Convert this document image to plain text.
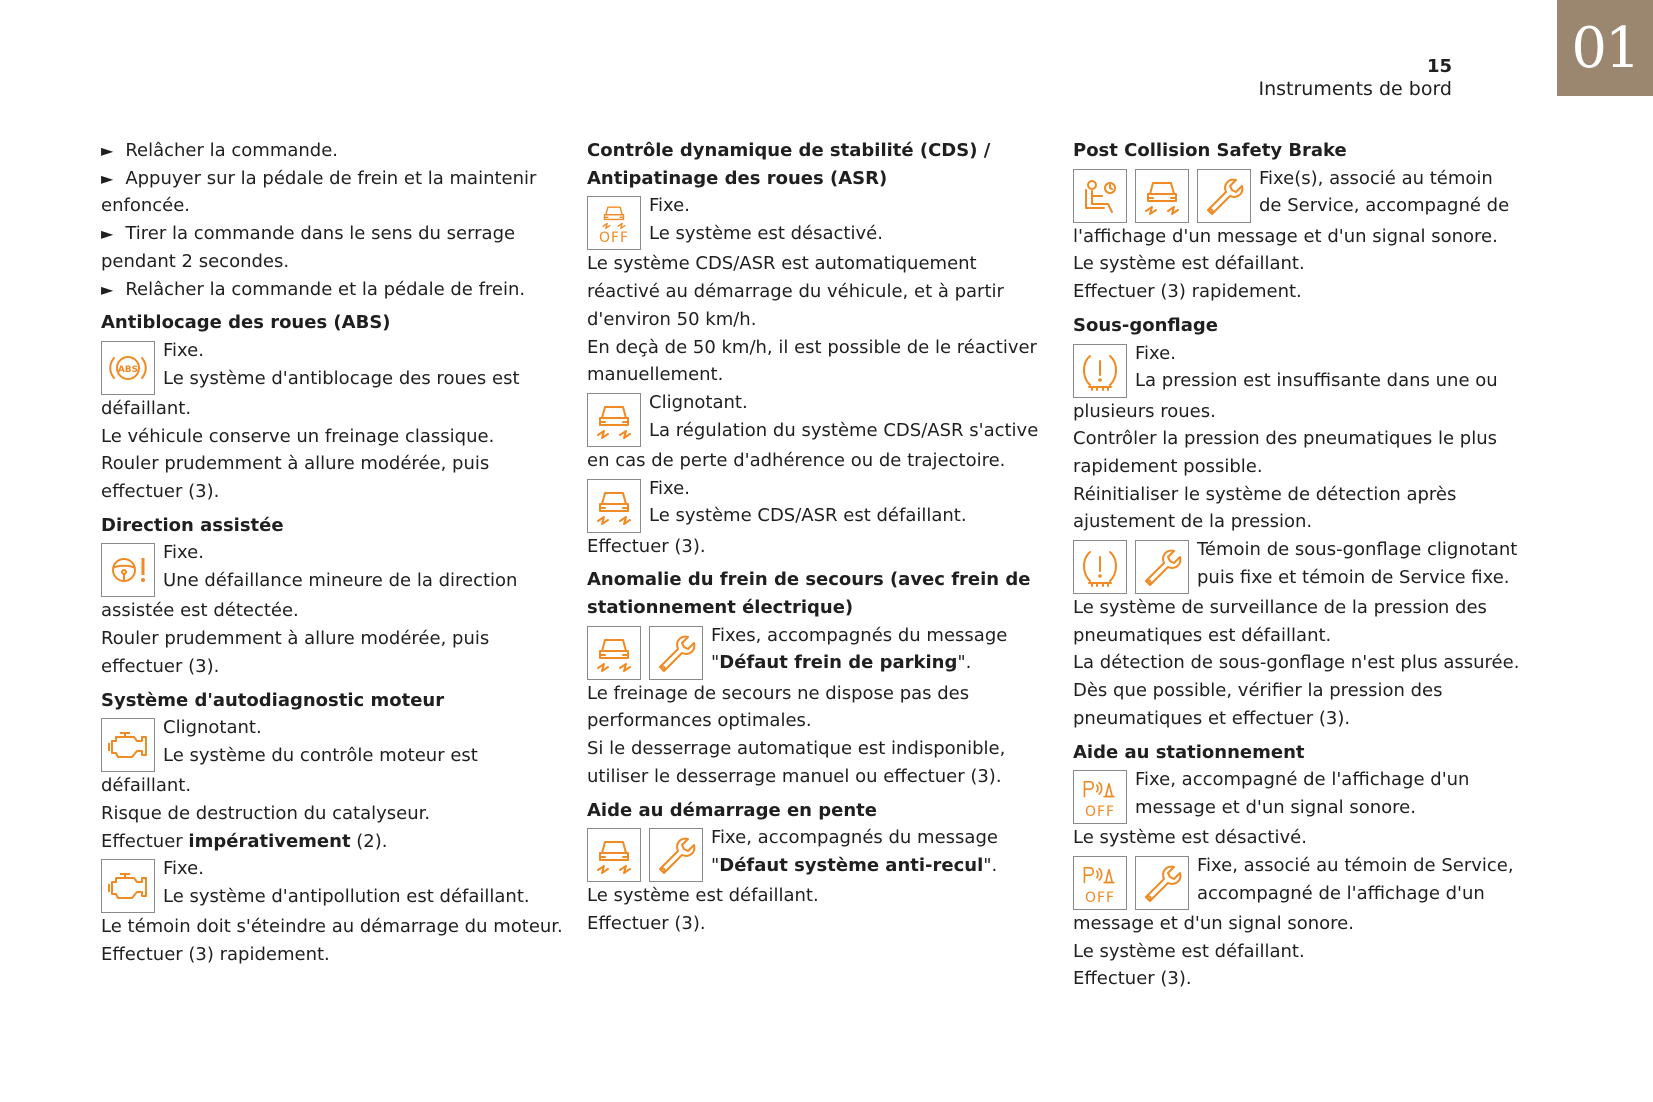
15
Instruments de bord
01
► Relâcher la commande.
► Appuyer sur la pédale de frein et la maintenir
enfoncée.
► Tirer la commande dans le sens du serrage
pendant 2 secondes.
► Relâcher la commande et la pédale de frein.
Antiblocage des roues (ABS)
ABS
Fixe.
Le système d'antiblocage des roues est
défaillant.
Le véhicule conserve un freinage classique.
Rouler prudemment à allure modérée, puis
effectuer (3).
Direction assistée
Fixe.
Une défaillance mineure de la direction
assistée est détectée.
Rouler prudemment à allure modérée, puis
effectuer (3).
Système d'autodiagnostic moteur
Clignotant.
Le système du contrôle moteur est
défaillant.
Risque de destruction du catalyseur.
Effectuer impérativement (2).
Fixe.
Le système d'antipollution est défaillant.
Le témoin doit s'éteindre au démarrage du moteur.
Effectuer (3) rapidement.
Contrôle dynamique de stabilité (CDS) /
Antipatinage des roues (ASR)
OFF
Fixe.
Le système est désactivé.
Le système CDS/ASR est automatiquement
réactivé au démarrage du véhicule, et à partir
d'environ 50 km/h.
En deçà de 50 km/h, il est possible de le réactiver
manuellement.
Clignotant.
La régulation du système CDS/ASR s'active
en cas de perte d'adhérence ou de trajectoire.
Fixe.
Le système CDS/ASR est défaillant.
Effectuer (3).
Anomalie du frein de secours (avec frein de
stationnement électrique)
Fixes, accompagnés du message
"Défaut frein de parking".
Le freinage de secours ne dispose pas des
performances optimales.
Si le desserrage automatique est indisponible,
utiliser le desserrage manuel ou effectuer (3).
Aide au démarrage en pente
Fixe, accompagnés du message
"Défaut système anti-recul".
Le système est défaillant.
Effectuer (3).
Post Collision Safety Brake
Fixe(s), associé au témoin
de Service, accompagné de
l'affichage d'un message et d'un signal sonore.
Le système est défaillant.
Effectuer (3) rapidement.
Sous-gonflage
Fixe.
La pression est insuffisante dans une ou
plusieurs roues.
Contrôler la pression des pneumatiques le plus
rapidement possible.
Réinitialiser le système de détection après
ajustement de la pression.
Témoin de sous-gonflage clignotant
puis fixe et témoin de Service fixe.
Le système de surveillance de la pression des
pneumatiques est défaillant.
La détection de sous-gonflage n'est plus assurée.
Dès que possible, vérifier la pression des
pneumatiques et effectuer (3).
Aide au stationnement
OFF
Fixe, accompagné de l'affichage d'un
message et d'un signal sonore.
Le système est désactivé.
OFF
Fixe, associé au témoin de Service,
accompagné de l'affichage d'un
message et d'un signal sonore.
Le système est défaillant.
Effectuer (3).
